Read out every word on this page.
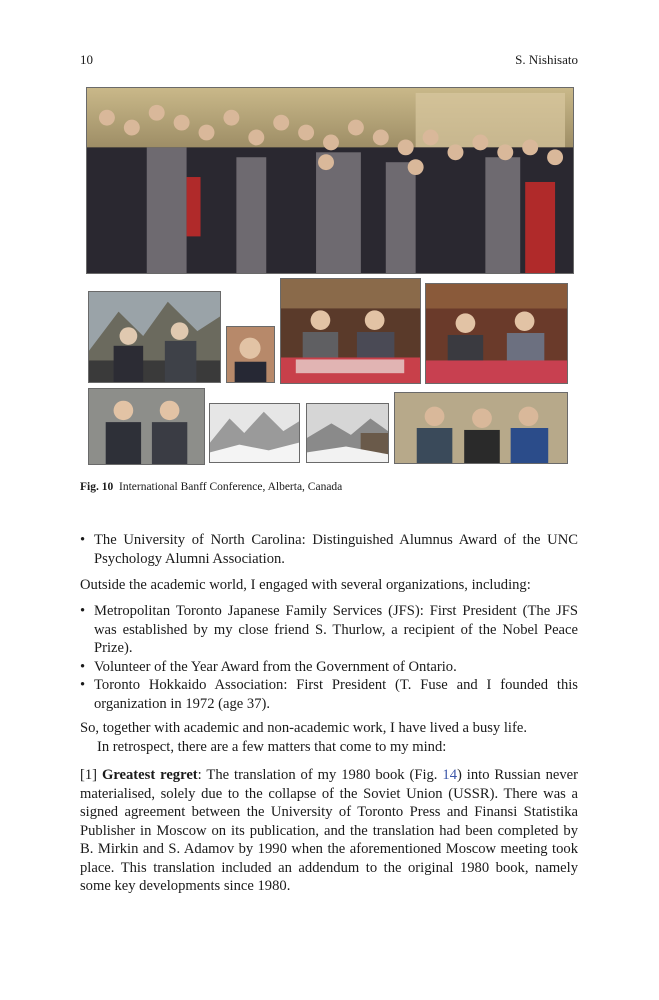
10	S. Nishisato
Fig. 10 International Banff Conference, Alberta, Canada
• The University of North Carolina: Distinguished Alumnus Award of the UNC Psychology Alumni Association.

Outside the academic world, I engaged with several organizations, including:

• Metropolitan Toronto Japanese Family Services (JFS): First President (The JFS was established by my close friend S. Thurlow, a recipient of the Nobel Peace Prize).
• Volunteer of the Year Award from the Government of Ontario.
• Toronto Hokkaido Association: First President (T. Fuse and I founded this organization in 1972 (age 37).

So, together with academic and non-academic work, I have lived a busy life.

In retrospect, there are a few matters that come to my mind:

[1] Greatest regret: The translation of my 1980 book (Fig. 14) into Russian never materialised, solely due to the collapse of the Soviet Union (USSR). There was a signed agreement between the University of Toronto Press and Finansi Statistika Publisher in Moscow on its publication, and the translation had been completed by B. Mirkin and S. Adamov by 1990 when the aforementioned Moscow meeting took place. This translation included an addendum to the original 1980 book, namely some key developments since 1980.
